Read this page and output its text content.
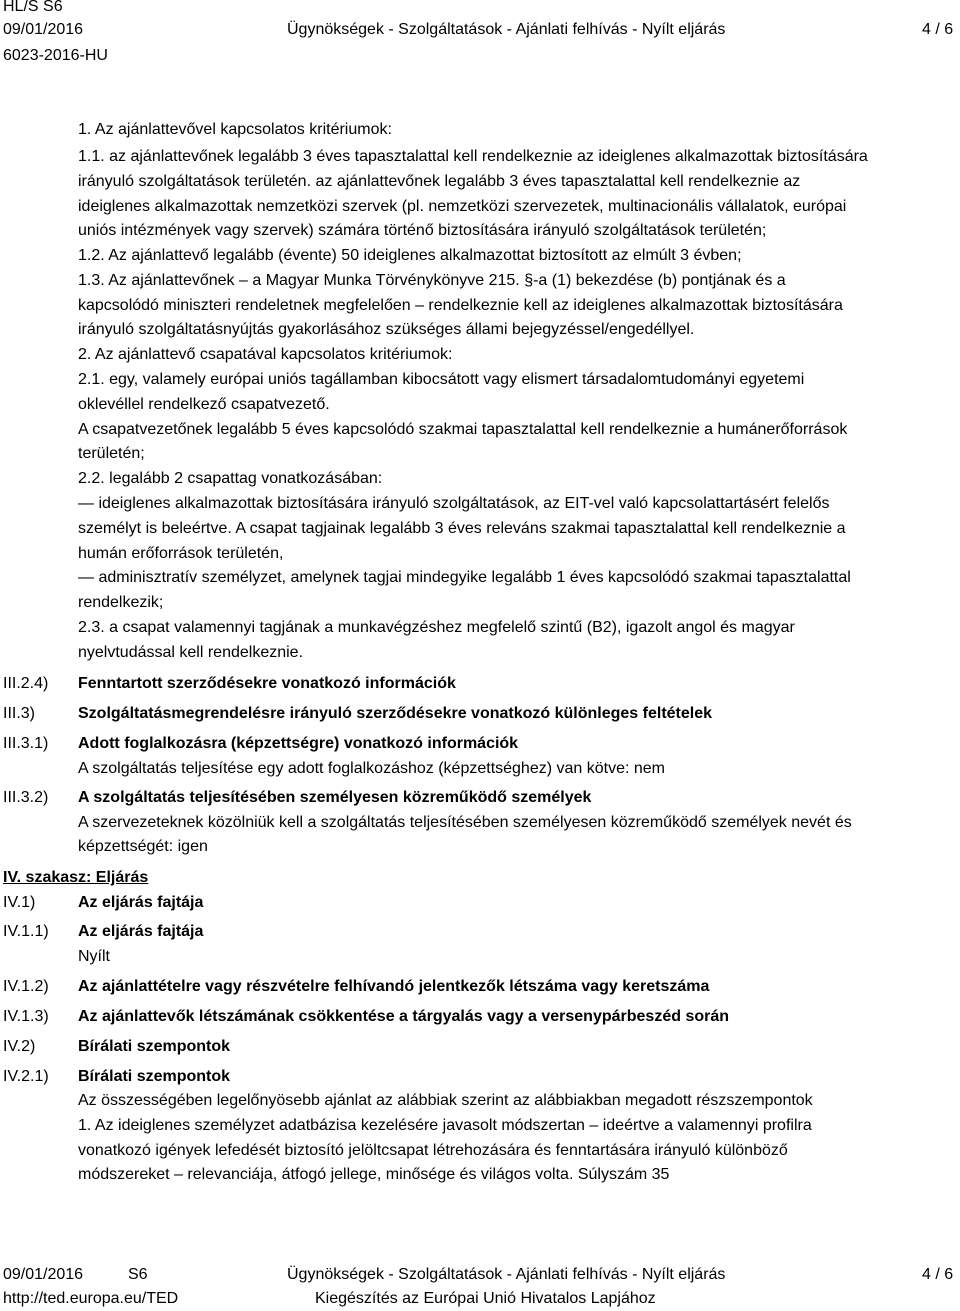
HL/S S6
09/01/2016
6023-2016-HU
Ügynökségek - Szolgáltatások - Ajánlati felhívás - Nyílt eljárás	4 / 6
1. Az ajánlattevővel kapcsolatos kritériumok:
1.1. az ajánlattevőnek legalább 3 éves tapasztalattal kell rendelkeznie az ideiglenes alkalmazottak biztosítására
irányuló szolgáltatások területén. az ajánlattevőnek legalább 3 éves tapasztalattal kell rendelkeznie az
ideiglenes alkalmazottak nemzetközi szervek (pl. nemzetközi szervezetek, multinacionális vállalatok, európai
uniós intézmények vagy szervek) számára történő biztosítására irányuló szolgáltatások területén;
1.2. Az ajánlattevő legalább (évente) 50 ideiglenes alkalmazottat biztosított az elmúlt 3 évben;
1.3. Az ajánlattevőnek – a Magyar Munka Törvénykönyve 215. §-a (1) bekezdése (b) pontjának és a
kapcsolódó miniszteri rendeletnek megfelelően – rendelkeznie kell az ideiglenes alkalmazottak biztosítására
irányuló szolgáltatásnyújtás gyakorlásához szükséges állami bejegyzéssel/engedéllyel.
2. Az ajánlattevő csapatával kapcsolatos kritériumok:
2.1. egy, valamely európai uniós tagállamban kibocsátott vagy elismert társadalomtudományi egyetemi
oklevéllel rendelkező csapatvezető.
A csapatvezetőnek legalább 5 éves kapcsolódó szakmai tapasztalattal kell rendelkeznie a humánerőforrások
területén;
2.2. legalább 2 csapattag vonatkozásában:
— ideiglenes alkalmazottak biztosítására irányuló szolgáltatások, az EIT-vel való kapcsolattartásért felelős
személyt is beleértve. A csapat tagjainak legalább 3 éves releváns szakmai tapasztalattal kell rendelkeznie a
humán erőforrások területén,
— adminisztratív személyzet, amelynek tagjai mindegyike legalább 1 éves kapcsolódó szakmai tapasztalattal
rendelkezik;
2.3. a csapat valamennyi tagjának a munkavégzéshez megfelelő szintű (B2), igazolt angol és magyar
nyelvtudással kell rendelkeznie.
III.2.4) Fenntartott szerződésekre vonatkozó információk
III.3)	Szolgáltatásmegrendelésre irányuló szerződésekre vonatkozó különleges feltételek
III.3.1) Adott foglalkozásra (képzettségre) vonatkozó információk
A szolgáltatás teljesítése egy adott foglalkozáshoz (képzettséghez) van kötve: nem
III.3.2) A szolgáltatás teljesítésében személyesen közreműködő személyek
A szervezeteknek közölniük kell a szolgáltatás teljesítésében személyesen közreműködő személyek nevét és
képzettségét: igen
IV. szakasz: Eljárás
IV.1)	Az eljárás fajtája
IV.1.1) Az eljárás fajtája
Nyílt
IV.1.2) Az ajánlattételre vagy részvételre felhívandó jelentkezők létszáma vagy keretszáma
IV.1.3) Az ajánlattevők létszámának csökkentése a tárgyalás vagy a versenypárbeszéd során
IV.2)	Bírálati szempontok
IV.2.1) Bírálati szempontok
Az összességében legelőnyösebb ajánlat az alábbiak szerint az alábbiakban megadott részszempontok
1. Az ideiglenes személyzet adatbázisa kezelésére javasolt módszertan – ideértve a valamennyi profilra
vonatkozó igények lefedését biztosító jelöltcsapat létrehozására és fenntartására irányuló különböző
módszereket – relevanciája, átfogó jellege, minősége és világos volta. Súlyszám 35
09/01/2016	S6
http://ted.europa.eu/TED
Ügynökségek - Szolgáltatások - Ajánlati felhívás - Nyílt eljárás
Kiegészítés az Európai Unió Hivatalos Lapjához
4 / 6
